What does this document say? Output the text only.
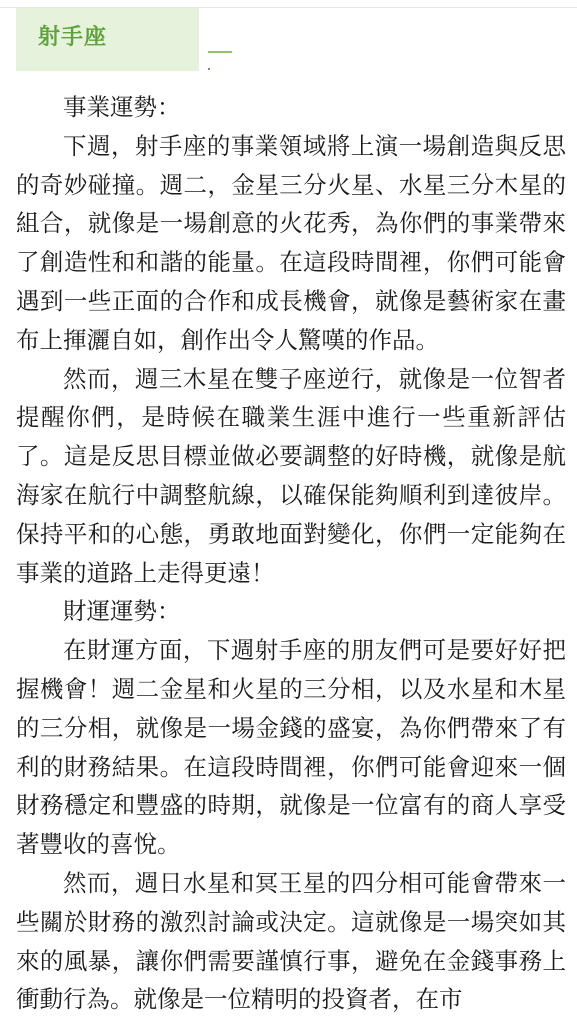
射手座

事業運勢：

下週，射手座的事業領域將上演一場創造與反思的奇妙碰撞。週二，金星三分火星、水星三分木星的組合，就像是一場創意的火花秀，為你們的事業帶來了創造性和和諧的能量。在這段時間裡，你們可能會遇到一些正面的合作和成長機會，就像是藝術家在畫布上揮灑自如，創作出令人驚嘆的作品。

然而，週三木星在雙子座逆行，就像是一位智者提醒你們，是時候在職業生涯中進行一些重新評估了。這是反思目標並做必要調整的好時機，就像是航海家在航行中調整航線，以確保能夠順利到達彼岸。保持平和的心態，勇敢地面對變化，你們一定能夠在事業的道路上走得更遠！

財運運勢：

在財運方面，下週射手座的朋友們可是要好好把握機會！週二金星和火星的三分相，以及水星和木星的三分相，就像是一場金錢的盛宴，為你們帶來了有利的財務結果。在這段時間裡，你們可能會迎來一個財務穩定和豐盛的時期，就像是一位富有的商人享受著豐收的喜悅。

然而，週日水星和冥王星的四分相可能會帶來一些關於財務的激烈討論或決定。這就像是一場突如其來的風暴，讓你們需要謹慎行事，避免在金錢事務上衝動行為。就像是一位精明的投資者，在市
